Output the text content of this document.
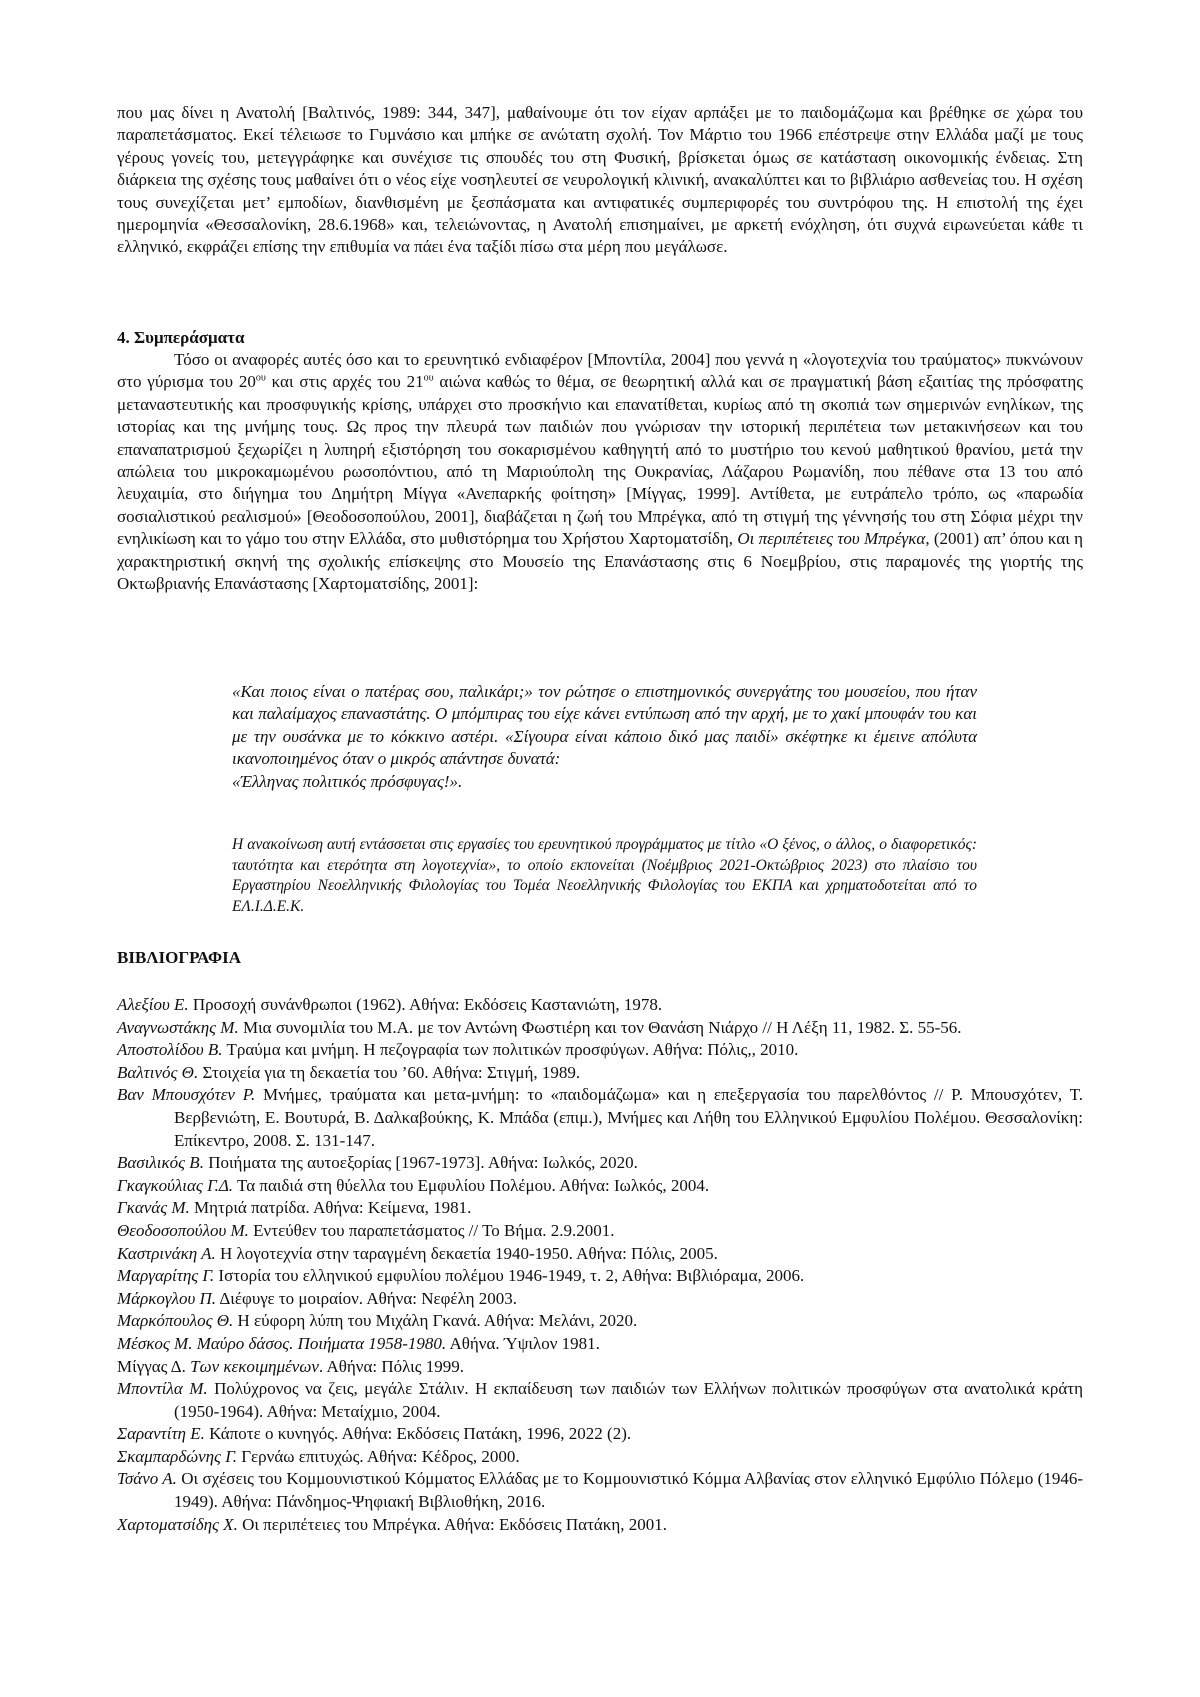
που μας δίνει η Ανατολή [Βαλτινός, 1989: 344, 347], μαθαίνουμε ότι τον είχαν αρπάξει με το παιδομάζωμα και βρέθηκε σε χώρα του παραπετάσματος. Εκεί τέλειωσε το Γυμνάσιο και μπήκε σε ανώτατη σχολή. Τον Μάρτιο του 1966 επέστρεψε στην Ελλάδα μαζί με τους γέρους γονείς του, μετεγγράφηκε και συνέχισε τις σπουδές του στη Φυσική, βρίσκεται όμως σε κατάσταση οικονομικής ένδειας. Στη διάρκεια της σχέσης τους μαθαίνει ότι ο νέος είχε νοσηλευτεί σε νευρολογική κλινική, ανακαλύπτει και το βιβλιάριο ασθενείας του. Η σχέση τους συνεχίζεται μετ’ εμποδίων, διανθισμένη με ξεσπάσματα και αντιφατικές συμπεριφορές του συντρόφου της. Η επιστολή της έχει ημερομηνία «Θεσσαλονίκη, 28.6.1968» και, τελειώνοντας, η Ανατολή επισημαίνει, με αρκετή ενόχληση, ότι συχνά ειρωνεύεται κάθε τι ελληνικό, εκφράζει επίσης την επιθυμία να πάει ένα ταξίδι πίσω στα μέρη που μεγάλωσε.

4. Συμπεράσματα

Τόσο οι αναφορές αυτές όσο και το ερευνητικό ενδιαφέρον [Μποντίλα, 2004] που γεννά η «λογοτεχνία του τραύματος» πυκνώνουν στο γύρισμα του 20ου και στις αρχές του 21ου αιώνα καθώς το θέμα, σε θεωρητική αλλά και σε πραγματική βάση εξαιτίας της πρόσφατης μεταναστευτικής και προσφυγικής κρίσης, υπάρχει στο προσκήνιο και επανατίθεται, κυρίως από τη σκοπιά των σημερινών ενηλίκων, της ιστορίας και της μνήμης τους. Ως προς την πλευρά των παιδιών που γνώρισαν την ιστορική περιπέτεια των μετακινήσεων και του επαναπατρισμού ξεχωρίζει η λυπηρή εξιστόρηση του σοκαρισμένου καθηγητή από το μυστήριο του κενού μαθητικού θρανίου, μετά την απώλεια του μικροκαμωμένου ρωσοπόντιου, από τη Μαριούπολη της Ουκρανίας, Λάζαρου Ρωμανίδη, που πέθανε στα 13 του από λευχαιμία, στο διήγημα του Δημήτρη Μίγγα «Ανεπαρκής φοίτηση» [Μίγγας, 1999]. Αντίθετα, με ευτράπελο τρόπο, ως «παρωδία σοσιαλιστικού ρεαλισμού» [Θεοδοσοπούλου, 2001], διαβάζεται η ζωή του Μπρέγκα, από τη στιγμή της γέννησής του στη Σόφια μέχρι την ενηλικίωση και το γάμο του στην Ελλάδα, στο μυθιστόρημα του Χρήστου Χαρτοματσίδη, Οι περιπέτειες του Μπρέγκα, (2001) απ’ όπου και η χαρακτηριστική σκηνή της σχολικής επίσκεψης στο Μουσείο της Επανάστασης στις 6 Νοεμβρίου, στις παραμονές της γιορτής της Οκτωβριανής Επανάστασης [Χαρτοματσίδης, 2001]:

«Και ποιος είναι ο πατέρας σου, παλικάρι;» τον ρώτησε ο επιστημονικός συνεργάτης του μουσείου, που ήταν και παλαίμαχος επαναστάτης. Ο μπόμπιρας του είχε κάνει εντύπωση από την αρχή, με το χακί μπουφάν του και με την ουσάνκα με το κόκκινο αστέρι. «Σίγουρα είναι κάποιο δικό μας παιδί» σκέφτηκε κι έμεινε απόλυτα ικανοποιημένος όταν ο μικρός απάντησε δυνατά:
«Έλληνας πολιτικός πρόσφυγας!».

Η ανακοίνωση αυτή εντάσσεται στις εργασίες του ερευνητικού προγράμματος με τίτλο «Ο ξένος, ο άλλος, ο διαφορετικός: ταυτότητα και ετερότητα στη λογοτεχνία», το οποίο εκπονείται (Νοέμβριος 2021-Οκτώβριος 2023) στο πλαίσιο του Εργαστηρίου Νεοελληνικής Φιλολογίας του Τομέα Νεοελληνικής Φιλολογίας του ΕΚΠΑ και χρηματοδοτείται από το ΕΛ.Ι.Δ.Ε.Κ.

ΒΙΒΛΙΟΓΡΑΦΙΑ

Αλεξίου Ε. Προσοχή συνάνθρωποι (1962). Αθήνα: Εκδόσεις Καστανιώτη, 1978.

Αναγνωστάκης Μ. Μια συνομιλία του Μ.Α. με τον Αντώνη Φωστιέρη και τον Θανάση Νιάρχο // Η Λέξη 11, 1982. Σ. 55-56.

Αποστολίδου Β. Τραύμα και μνήμη. Η πεζογραφία των πολιτικών προσφύγων. Αθήνα: Πόλις,, 2010.

Βαλτινός Θ. Στοιχεία για τη δεκαετία του ’60. Αθήνα: Στιγμή, 1989.

Βαν Μπουσχότεν Ρ. Μνήμες, τραύματα και μετα-μνήμη: το «παιδομάζωμα» και η επεξεργασία του παρελθόντος // Ρ. Μπουσχότεν, Τ. Βερβενιώτη, Ε. Βουτυρά, Β. Δαλκαβούκης, Κ. Μπάδα (επιμ.), Μνήμες και Λήθη του Ελληνικού Εμφυλίου Πολέμου. Θεσσαλονίκη: Επίκεντρο, 2008. Σ. 131-147.

Βασιλικός Β. Ποιήματα της αυτοεξορίας [1967-1973]. Αθήνα: Ιωλκός, 2020.

Γκαγκούλιας Γ.Δ. Τα παιδιά στη θύελλα του Εμφυλίου Πολέμου. Αθήνα: Ιωλκός, 2004.

Γκανάς Μ. Μητριά πατρίδα. Αθήνα: Κείμενα, 1981.

Θεοδοσοπούλου Μ. Εντεύθεν του παραπετάσματος // Το Βήμα. 2.9.2001.

Καστρινάκη Α. Η λογοτεχνία στην ταραγμένη δεκαετία 1940-1950. Αθήνα: Πόλις, 2005.

Μαργαρίτης Γ. Ιστορία του ελληνικού εμφυλίου πολέμου 1946-1949, τ. 2, Αθήνα: Βιβλιόραμα, 2006.

Μάρκογλου Π. Διέφυγε το μοιραίον. Αθήνα: Νεφέλη 2003.

Μαρκόπουλος Θ. Η εύφορη λύπη του Μιχάλη Γκανά. Αθήνα: Μελάνι, 2020.

Μέσκος Μ. Μαύρο δάσος. Ποιήματα 1958-1980. Αθήνα. Ύψιλον 1981.

Μίγγας Δ. Των κεκοιμημένων. Αθήνα: Πόλις 1999.

Μποντίλα Μ. Πολύχρονος να ζεις, μεγάλε Στάλιν. Η εκπαίδευση των παιδιών των Ελλήνων πολιτικών προσφύγων στα ανατολικά κράτη (1950-1964). Αθήνα: Μεταίχμιο, 2004.

Σαραντίτη Ε. Κάποτε ο κυνηγός. Αθήνα: Εκδόσεις Πατάκη, 1996, 2022 (2).

Σκαμπαρδώνης Γ. Γερνάω επιτυχώς. Αθήνα: Κέδρος, 2000.

Τσάνο Α. Οι σχέσεις του Κομμουνιστικού Κόμματος Ελλάδας με το Κομμουνιστικό Κόμμα Αλβανίας στον ελληνικό Εμφύλιο Πόλεμο (1946-1949). Αθήνα: Πάνδημος-Ψηφιακή Βιβλιοθήκη, 2016.

Χαρτοματσίδης Χ. Οι περιπέτειες του Μπρέγκα. Αθήνα: Εκδόσεις Πατάκη, 2001.
